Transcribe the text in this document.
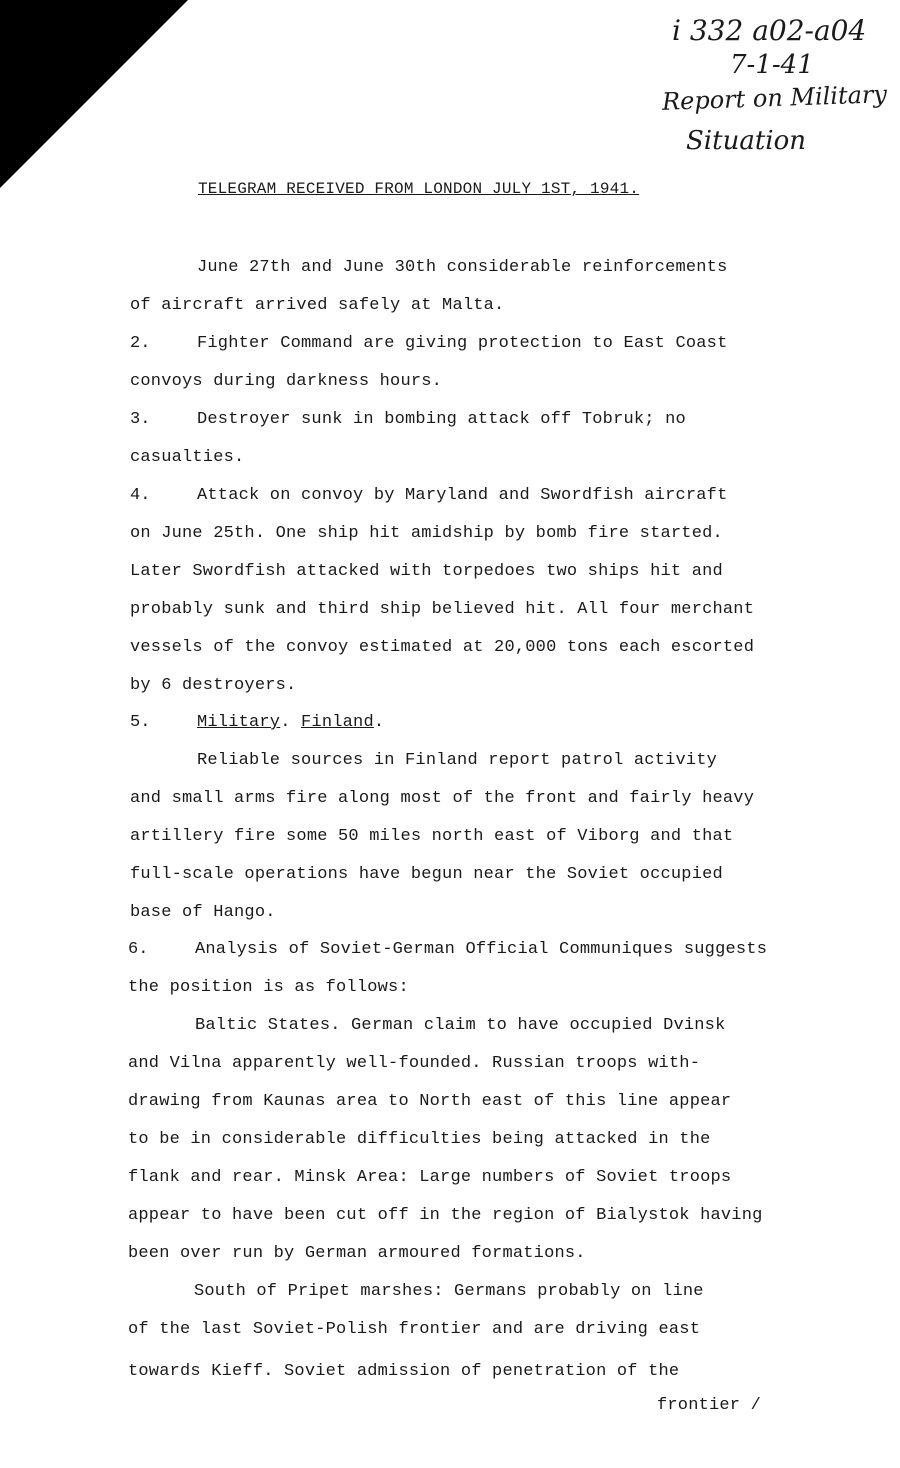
i 332 a02-a04
7-1-41
Report on Military
Situation
TELEGRAM RECEIVED FROM LONDON JULY 1ST, 1941.
June 27th and June 30th considerable reinforcements
of aircraft arrived safely at Malta.
2.	Fighter Command are giving protection to East Coast
convoys during darkness hours.
3.	Destroyer sunk in bombing attack off Tobruk; no
casualties.
4.	Attack on convoy by Maryland and Swordfish aircraft
on June 25th. One ship hit amidship by bomb fire started.
Later Swordfish attacked with torpedoes two ships hit and
probably sunk and third ship believed hit. All four merchant
vessels of the convoy estimated at 20,000 tons each escorted
by 6 destroyers.
5.	Military. Finland.
Reliable sources in Finland report patrol activity
and small arms fire along most of the front and fairly heavy
artillery fire some 50 miles north east of Viborg and that
full-scale operations have begun near the Soviet occupied
base of Hango.
6.	Analysis of Soviet-German Official Communiques suggests
the position is as follows:
Baltic States. German claim to have occupied Dvinsk
and Vilna apparently well-founded. Russian troops with-
drawing from Kaunas area to North east of this line appear
to be in considerable difficulties being attacked in the
flank and rear. Minsk Area: Large numbers of Soviet troops
appear to have been cut off in the region of Bialystok having
been over run by German armoured formations.
South of Pripet marshes: Germans probably on line
of the last Soviet-Polish frontier and are driving east
towards Kieff. Soviet admission of penetration of the
frontier /
